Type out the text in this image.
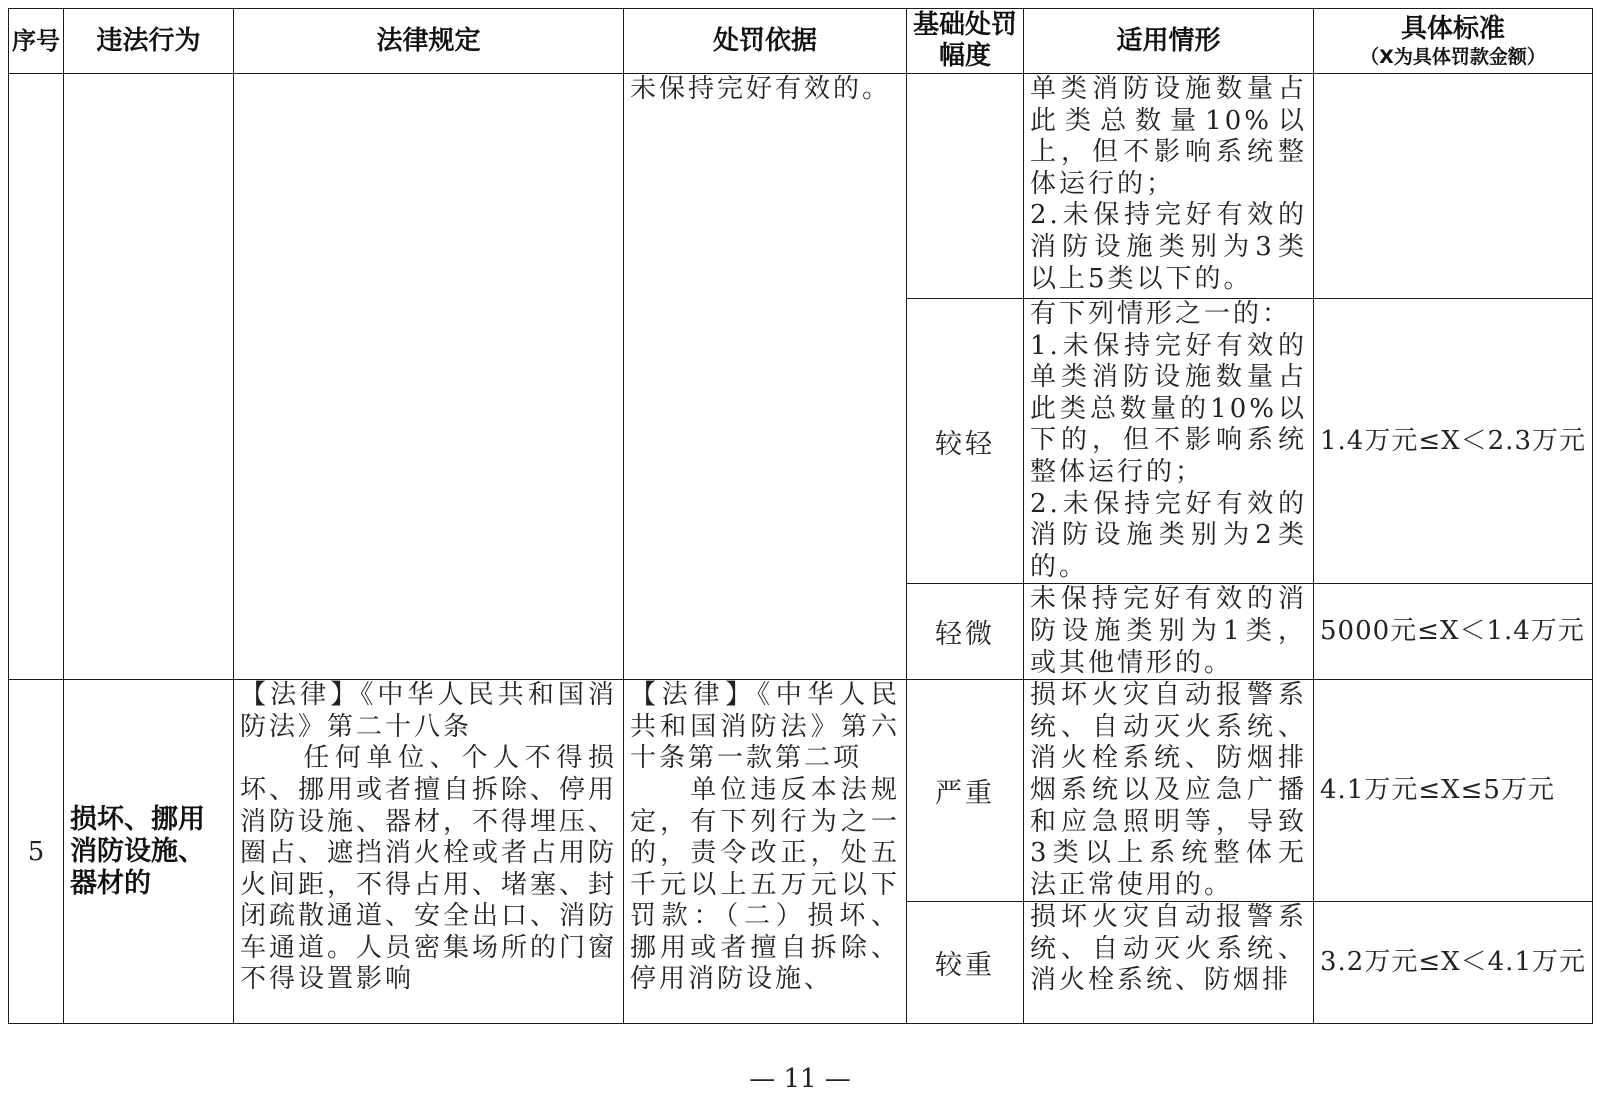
序号	违法行为	法律规定	处罚依据	基础处罚幅度	适用情形	具体标准
（X为具体罚款金额）

			未保持完好有效的。		单类消防设施数量占此类总数量10%以上，但不影响系统整体运行的；
2.未保持完好有效的消防设施类别为3类以上5类以下的。	
				较轻	有下列情形之一的：
1.未保持完好有效的单类消防设施数量占此类总数量的10%以下的，但不影响系统整体运行的；
2.未保持完好有效的消防设施类别为2类的。	1.4万元≤X＜2.3万元
				轻微	未保持完好有效的消防设施类别为1类，或其他情形的。	5000元≤X＜1.4万元
5	损坏、挪用消防设施、器材的	【法律】《中华人民共和国消防法》第二十八条
　　任何单位、个人不得损坏、挪用或者擅自拆除、停用消防设施、器材，不得埋压、圈占、遮挡消火栓或者占用防火间距，不得占用、堵塞、封闭疏散通道、安全出口、消防车通道。人员密集场所的门窗不得设置影响	【法律】《中华人民共和国消防法》第六十条第一款第二项
　　单位违反本法规定，有下列行为之一的，责令改正，处五千元以上五万元以下罚款：（二）损坏、挪用或者擅自拆除、停用消防设施、	严重	损坏火灾自动报警系统、自动灭火系统、消火栓系统、防烟排烟系统以及应急广播和应急照明等，导致3类以上系统整体无法正常使用的。	4.1万元≤X≤5万元
				较重	损坏火灾自动报警系统、自动灭火系统、消火栓系统、防烟排	3.2万元≤X＜4.1万元
— 11 —
